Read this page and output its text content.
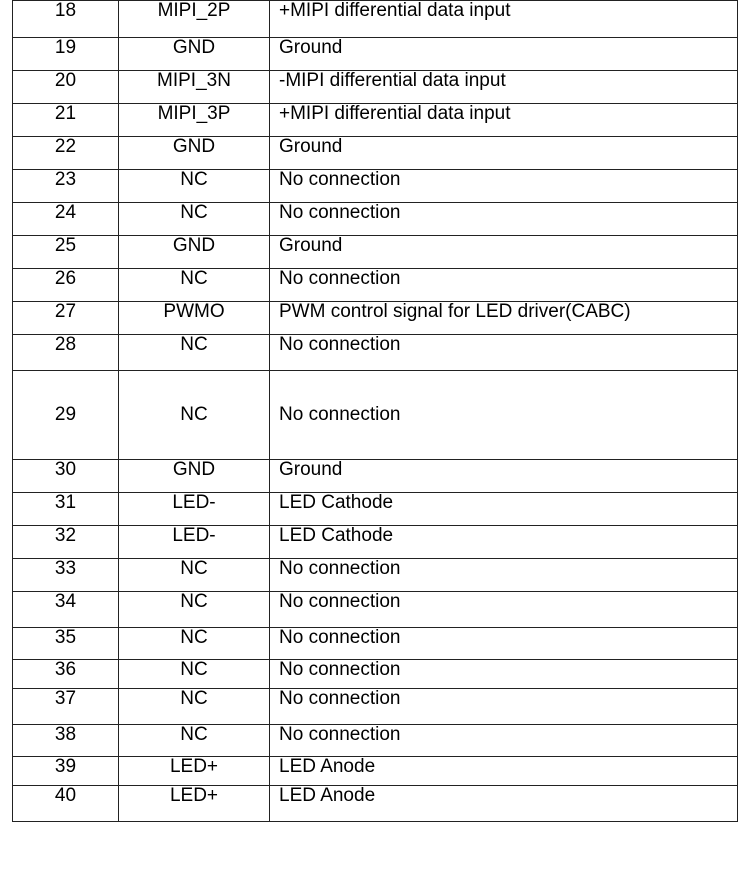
18	MIPI_2P	+MIPI differential data input
19	GND	Ground
20	MIPI_3N	-MIPI differential data input
21	MIPI_3P	+MIPI differential data input
22	GND	Ground
23	NC	No connection
24	NC	No connection
25	GND	Ground
26	NC	No connection
27	PWMO	PWM control signal for LED driver(CABC)
28	NC	No connection
29	NC	No connection
30	GND	Ground
31	LED-	LED Cathode
32	LED-	LED Cathode
33	NC	No connection
34	NC	No connection
35	NC	No connection
36	NC	No connection
37	NC	No connection
38	NC	No connection
39	LED+	LED Anode
40	LED+	LED Anode
